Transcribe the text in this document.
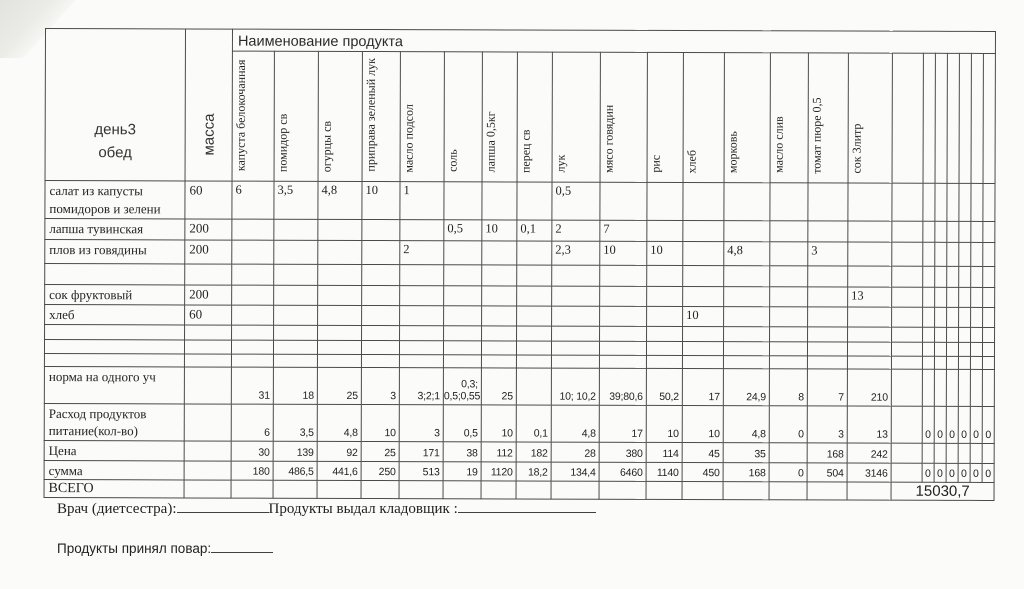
день3
обед	масса	Наименование продукта																						
		капуста белокочанная	помидор св	огурцы св	приправа зеленый лук	масло подсол	соль	лапша 0,5кг	перец св	лук	мясо говядин	рис	хлеб	морковь	масло слив	томат пюре 0,5	сок 3литр							
салат из капусты помидоров и зелени	60	6	3,5	4,8	10	1				0,5														
лапша тувинская	200						0,5	10	0,1	2	7													
плов из говядины	200					2				2,3	10	10		4,8		3								

сок фруктовый	200																13							
хлеб	60												10											

норма на одного уч		31	18	25	3	3;2;1	0,3; 0,5;0,55	25		10; 10,2	39;80,6	50,2	17	24,9	8	7	210							
Расход продуктов питание(кол-во)		6	3,5	4,8	10	3	0,5	10	0,1	4,8	17	10	10	4,8	0	3	13		0	0	0	0	0	0
Цена		30	139	92	25	171	38	112	182	28	380	114	45	35		168	242							
сумма		180	486,5	441,6	250	513	19	1120	18,2	134,4	6460	1140	450	168	0	504	3146		0	0	0	0	0	0
ВСЕГО																		15030,7						
Врач (диетсестра):	Продукты выдал кладовщик :
Продукты принял повар:
